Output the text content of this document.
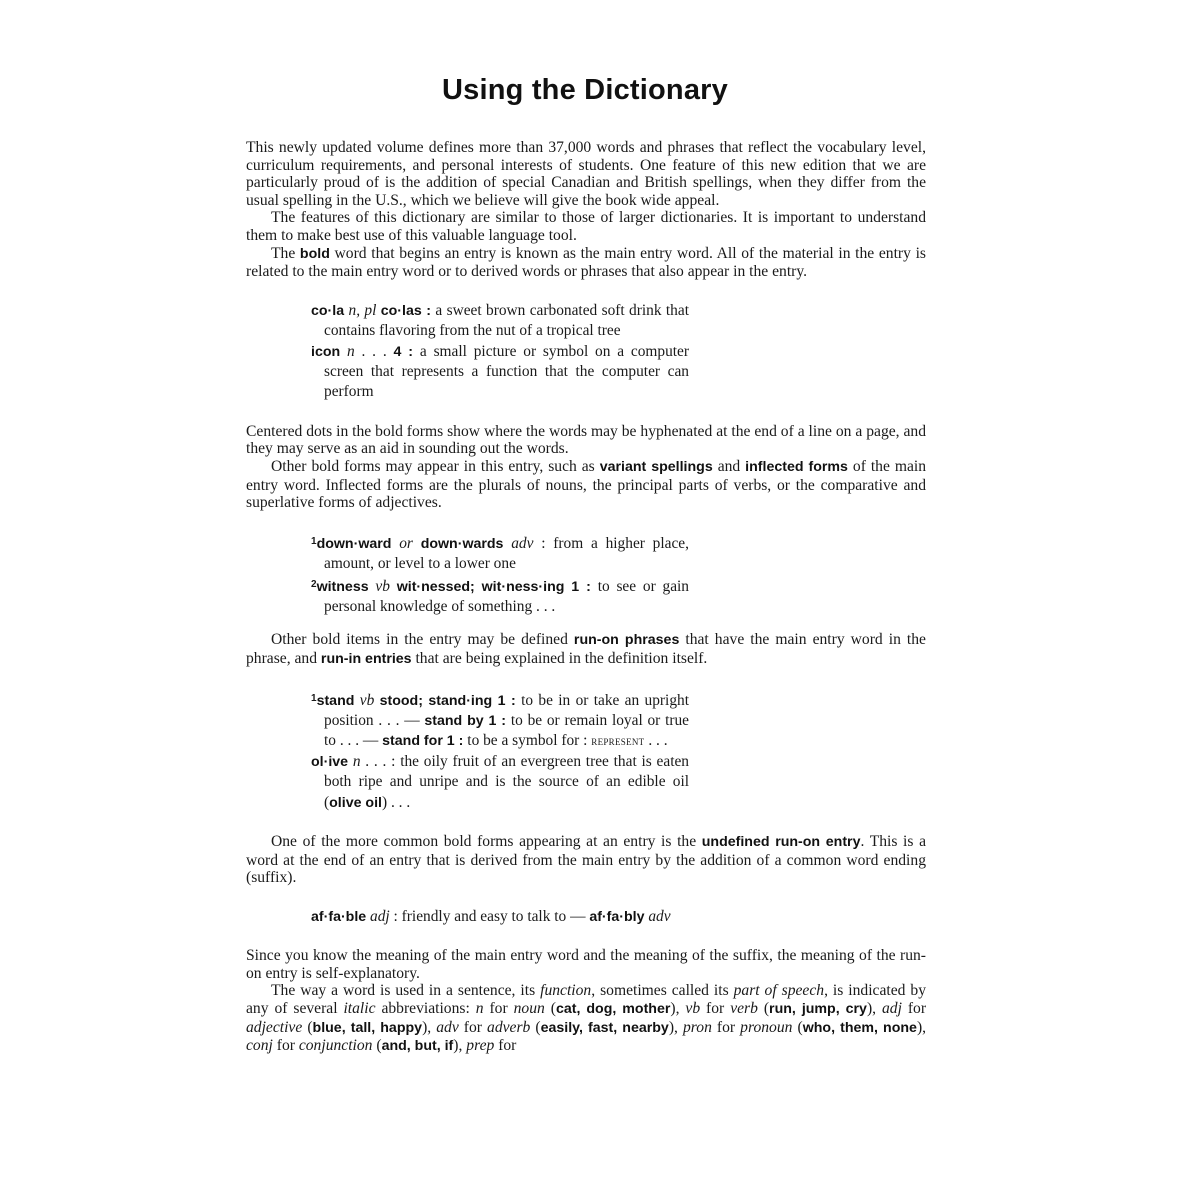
Using the Dictionary

This newly updated volume defines more than 37,000 words and phrases that reflect the vocabulary level, curriculum requirements, and personal interests of students. One feature of this new edition that we are particularly proud of is the addition of special Canadian and British spellings, when they differ from the usual spelling in the U.S., which we believe will give the book wide appeal.

The features of this dictionary are similar to those of larger dictionaries. It is important to understand them to make best use of this valuable language tool.

The bold word that begins an entry is known as the main entry word. All of the material in the entry is related to the main entry word or to derived words or phrases that also appear in the entry.

co·la n, pl co·las : a sweet brown carbonated soft drink that contains flavoring from the nut of a tropical tree
icon n . . . 4 : a small picture or symbol on a computer screen that represents a function that the computer can perform

Centered dots in the bold forms show where the words may be hyphenated at the end of a line on a page, and they may serve as an aid in sounding out the words.

Other bold forms may appear in this entry, such as variant spellings and inflected forms of the main entry word. Inflected forms are the plurals of nouns, the principal parts of verbs, or the comparative and superlative forms of adjectives.

$^1$down·ward or down·wards adv : from a higher place, amount, or level to a lower one
$^2$witness vb wit·nessed; wit·ness·ing 1 : to see or gain personal knowledge of something . . .

Other bold items in the entry may be defined run-on phrases that have the main entry word in the phrase, and run-in entries that are being explained in the definition itself.

$^1$stand vb stood; stand·ing 1 : to be in or take an upright position . . . — stand by 1 : to be or remain loyal or true to . . . — stand for 1 : to be a symbol for : represent . . .
ol·ive n . . . : the oily fruit of an evergreen tree that is eaten both ripe and unripe and is the source of an edible oil (olive oil) . . .

One of the more common bold forms appearing at an entry is the undefined run-on entry. This is a word at the end of an entry that is derived from the main entry by the addition of a common word ending (suffix).

af·fa·ble adj : friendly and easy to talk to — af·fa·bly adv

Since you know the meaning of the main entry word and the meaning of the suffix, the meaning of the run-on entry is self-explanatory.

The way a word is used in a sentence, its function, sometimes called its part of speech, is indicated by any of several italic abbreviations: n for noun (cat, dog, mother), vb for verb (run, jump, cry), adj for adjective (blue, tall, happy), adv for adverb (easily, fast, nearby), pron for pronoun (who, them, none), conj for conjunction (and, but, if), prep for
